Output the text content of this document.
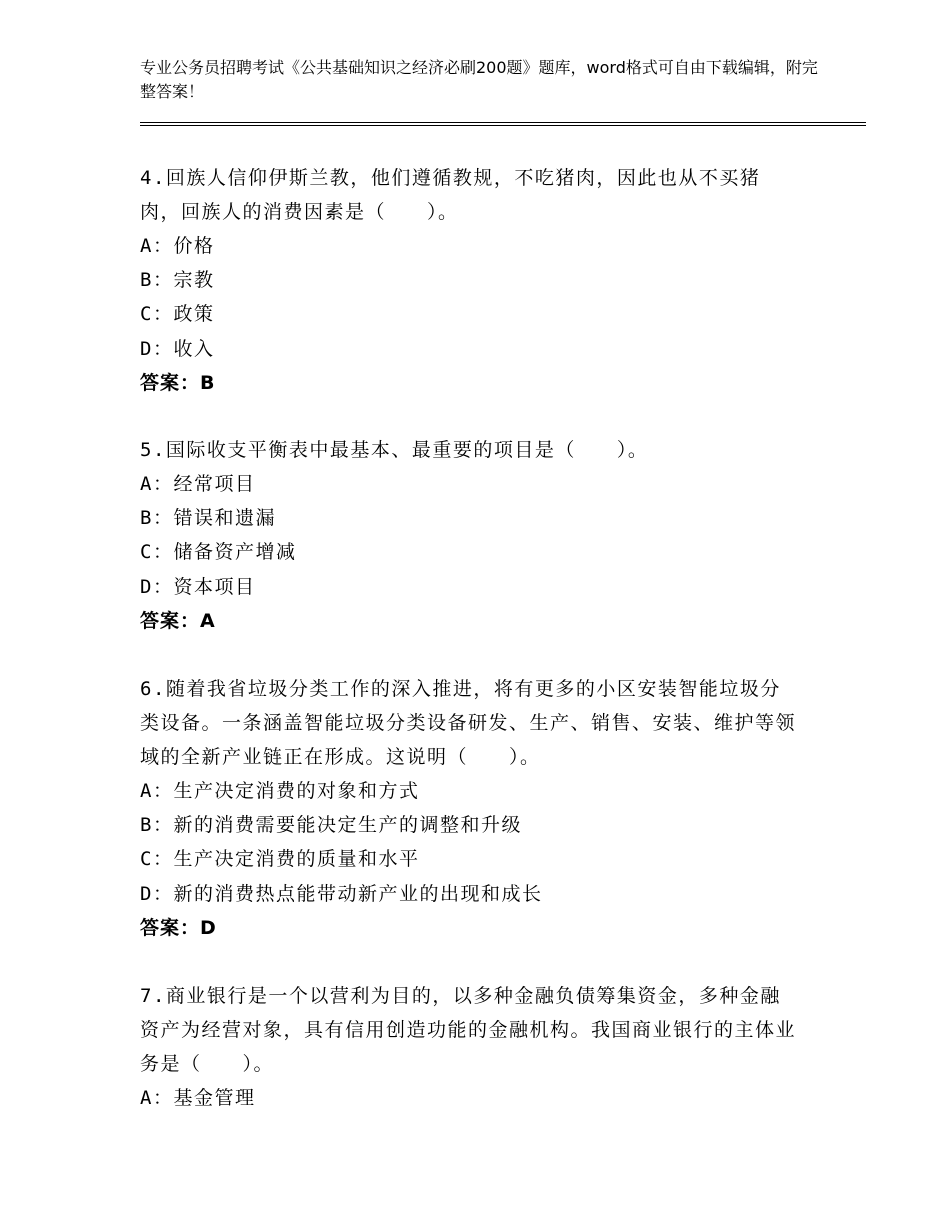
专业公务员招聘考试《公共基础知识之经济必刷200题》题库，word格式可自由下载编辑，附完整答案！
4.回族人信仰伊斯兰教，他们遵循教规，不吃猪肉，因此也从不买猪肉，回族人的消费因素是（　　）。
A：价格
B：宗教
C：政策
D：收入
答案：B
5.国际收支平衡表中最基本、最重要的项目是（　　）。
A：经常项目
B：错误和遗漏
C：储备资产增减
D：资本项目
答案：A
6.随着我省垃圾分类工作的深入推进，将有更多的小区安装智能垃圾分类设备。一条涵盖智能垃圾分类设备研发、生产、销售、安装、维护等领域的全新产业链正在形成。这说明（　　）。
A：生产决定消费的对象和方式
B：新的消费需要能决定生产的调整和升级
C：生产决定消费的质量和水平
D：新的消费热点能带动新产业的出现和成长
答案：D
7.商业银行是一个以营利为目的，以多种金融负债筹集资金，多种金融资产为经营对象，具有信用创造功能的金融机构。我国商业银行的主体业务是（　　）。
A：基金管理
